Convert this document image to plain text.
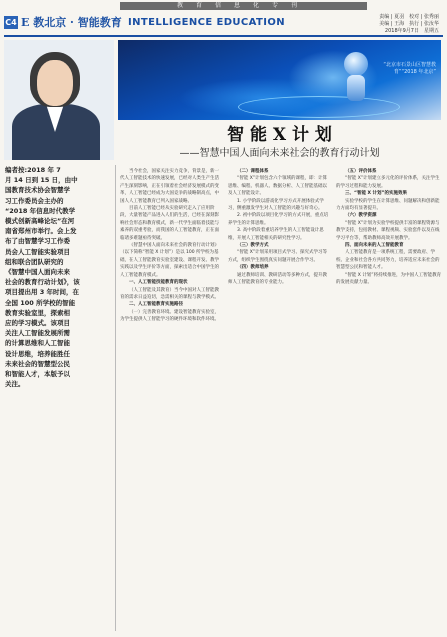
教育信息化专刊
C4 E 教北京 · 智能教育 INTELLIGENCE EDUCATION	责编 | 夏羽　校对 | 张秀丽
美编 | 王海　执行 | 张汝华
2018年9月7日　星期五
“北京市石景山区智慧教育”“2018 年北京”
智 能 X 计 划
——智慧中国人面向未来社会的教育行动计划
编者按:2018 年 7
月 14 日到 15 日，由中
国教育技术协会智慧学
习工作委员会主办的
“2018 年信息时代教学
模式创新高峰论坛”在河
南省郑州市举行。会上发
布了由智慧学习工作委
员会人工智能实验项目
组和联合团队研究的
《智慧中国人面向未来
社会的教育行动计划》，该
项目提出用 3 年时间，在
全国 100 所学校的智能
教育实验室里，探索相
应的学习模式。该项目
关注人工智能发展所需
的计算思维和人工智能
设计思维，培养能胜任
未来社会的智慧型公民
和智能人才，本版予以
关注。

当今社会，国家关注实力竞争，背景是，新一代人工智能技术的快速发展，已经对人类生产生活产生深刻影响，正在引领着社会经济发展模式的变革，人工智能已经成为大国竞争的战略制高点，中国人人工智能教育已列入国家战略。

目前人工智能已经从实验研究走入了应用阶段，大量智能产品进入人们的生活，已经在深刻影响社会形态和教育模式，新一代学生面临着技能与素养的双重考验，而我国的人工智能教育，正在面临诸多难题亟待突破。

《智慧中国人面向未来社会的教育行动计划》（以下简称“智能 X 计划”）是以 100 所学校为基础，在人工智能教育实验室建设、课程开发、教学实践以及学生评价等方面，探索出适合中国学生的人工智能教育模式。

一、人工智能技能教育的现状

（人工智能及其教育）当今中国对人工智能教育的需求日益迫切，急需相关的课程与教学模式。

二、人工智能教育实施路径

（一）完善教育环境。建设智能教育实验室，为学生提供人工智能学习的硬件环境和软件环境。

（二）课程体系

“智能 X”计划包含六个领域的课程，即：计算思维、编程、机器人、数据分析、人工智能基础以及人工智能设计。

1. 小学阶段以游戏化学习方式开展体验式学习，侧重激发学生对人工智能的兴趣与好奇心。

2. 初中阶段以项目化学习的方式开展，重点培养学生的计算思维。

3. 高中阶段着重培养学生的人工智能设计思维，开展人工智能相关的研究性学习。

（三）教学方式

“智能 X”计划采用项目式学习、探究式学习等方式，组织学生围绕真实问题开展合作学习。

（四）教师培养

通过教师培训、教研活动等多种方式，提升教师人工智能教育的专业能力。

（五）评价体系

“智能 X”计划建立多元化的评价体系，关注学生的学习过程和能力发展。

三、“智能 X 计划”的实施效果

实验学校的学生在计算思维、问题解决和创新能力方面均有显著提升。

（六）教学资源

“智能 X”计划为实验学校提供丰富的课程资源与教学支持，包括教材、课程视频、实验套件以及在线学习平台等，帮助教师高效开展教学。

四、面向未来的人工智能教育

人工智能教育是一项系统工程，需要政府、学校、企业和社会各方共同努力，培养适应未来社会的智慧型公民和智能人才。

“智能 X 计划”将持续推进，为中国人工智能教育的发展贡献力量。
